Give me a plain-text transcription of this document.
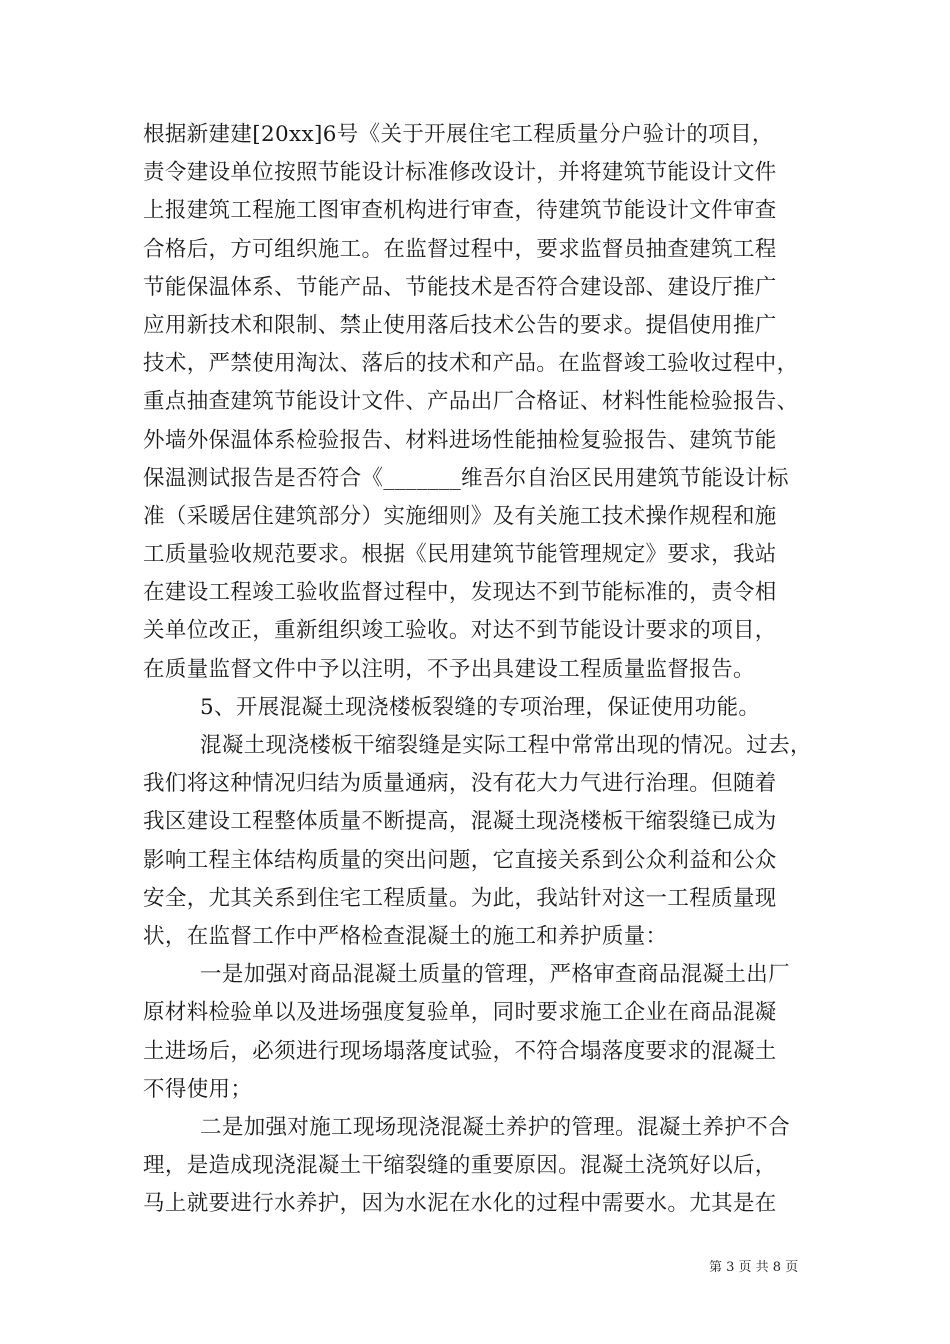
根据新建建[20xx]6号《关于开展住宅工程质量分户验计的项目，
责令建设单位按照节能设计标准修改设计，并将建筑节能设计文件
上报建筑工程施工图审查机构进行审查，待建筑节能设计文件审查
合格后，方可组织施工。在监督过程中，要求监督员抽查建筑工程
节能保温体系、节能产品、节能技术是否符合建设部、建设厅推广
应用新技术和限制、禁止使用落后技术公告的要求。提倡使用推广
技术，严禁使用淘汰、落后的技术和产品。在监督竣工验收过程中，
重点抽查建筑节能设计文件、产品出厂合格证、材料性能检验报告、
外墙外保温体系检验报告、材料进场性能抽检复验报告、建筑节能
保温测试报告是否符合《_______维吾尔自治区民用建筑节能设计标
准（采暖居住建筑部分）实施细则》及有关施工技术操作规程和施
工质量验收规范要求。根据《民用建筑节能管理规定》要求，我站
在建设工程竣工验收监督过程中，发现达不到节能标准的，责令相
关单位改正，重新组织竣工验收。对达不到节能设计要求的项目，
在质量监督文件中予以注明，不予出具建设工程质量监督报告。
5、开展混凝土现浇楼板裂缝的专项治理，保证使用功能。
混凝土现浇楼板干缩裂缝是实际工程中常常出现的情况。过去，
我们将这种情况归结为质量通病，没有花大力气进行治理。但随着
我区建设工程整体质量不断提高，混凝土现浇楼板干缩裂缝已成为
影响工程主体结构质量的突出问题，它直接关系到公众利益和公众
安全，尤其关系到住宅工程质量。为此，我站针对这一工程质量现
状，在监督工作中严格检查混凝土的施工和养护质量：
一是加强对商品混凝土质量的管理，严格审查商品混凝土出厂
原材料检验单以及进场强度复验单，同时要求施工企业在商品混凝
土进场后，必须进行现场塌落度试验，不符合塌落度要求的混凝土
不得使用；
二是加强对施工现场现浇混凝土养护的管理。混凝土养护不合
理，是造成现浇混凝土干缩裂缝的重要原因。混凝土浇筑好以后，
马上就要进行水养护，因为水泥在水化的过程中需要水。尤其是在
第 3 页 共 8 页
